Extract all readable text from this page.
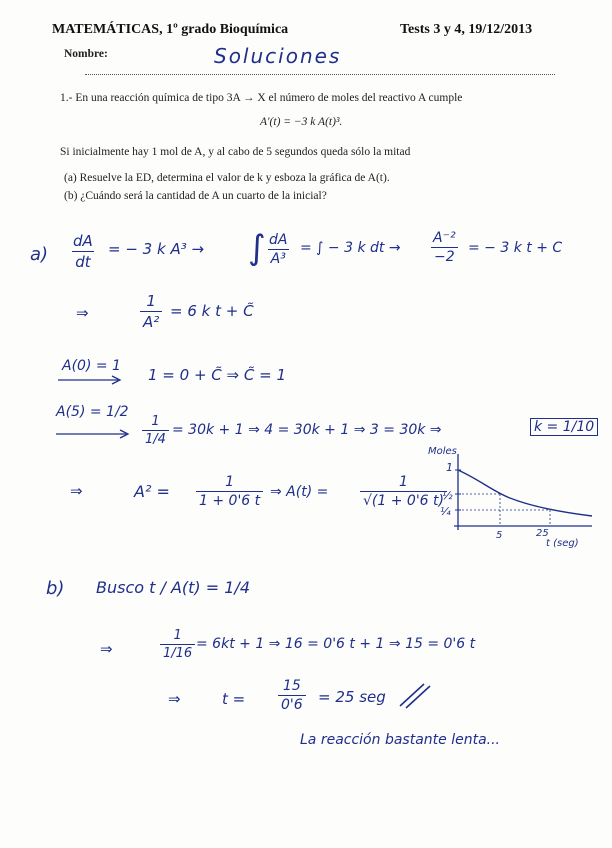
MATEMÁTICAS, 1º grado Bioquímica	Tests 3 y 4, 19/12/2013
Nombre:	Soluciones
1.- En una reacción química de tipo 3A → X el número de moles del reactivo A cumple
A′(t) = −3 k A(t)³.
Si inicialmente hay 1 mol de A, y al cabo de 5 segundos queda sólo la mitad
(a) Resuelve la ED, determina el valor de k y esboza la gráfica de A(t).
(b) ¿Cuándo será la cantidad de A un cuarto de la inicial?
$a) \frac{dA}{dt}$ = − 3 k A³ → ∫ $\frac{dA}{\text{A³}}$ = ∫ − 3 k dt → $\frac{\text{A⁻²}}{-2}$ = − 3 k t + C
⇒	$\frac{1}{\text{A²}} = 6$ k t + C̃
A(0) = 1 1 = 0 + C̃ ⇒ C̃ = 1
A(5) = 1/2
$\frac{1}{1/4} = 30k + 1$ ⇒ 4 = 30k + 1 ⇒ 3 = 30k ⇒	k = 1/10
⇒	$A^2 = \frac{1}{1 + 0'6 t}$ ⇒ $A(t) = \frac{1}{√(1 + 0'6 t)}$
Moles
1
½
¼
5	25
t (seg)
b) Busco t / A(t) = 1/4
⇒	$\frac{1}{1/16} = 6kt + 1$ ⇒ 16 = 0'6 t + 1 ⇒ 15 = 0'6 t
⇒	$t = \frac{15}{0'6} = 25$ seg
La reacción bastante lenta...
